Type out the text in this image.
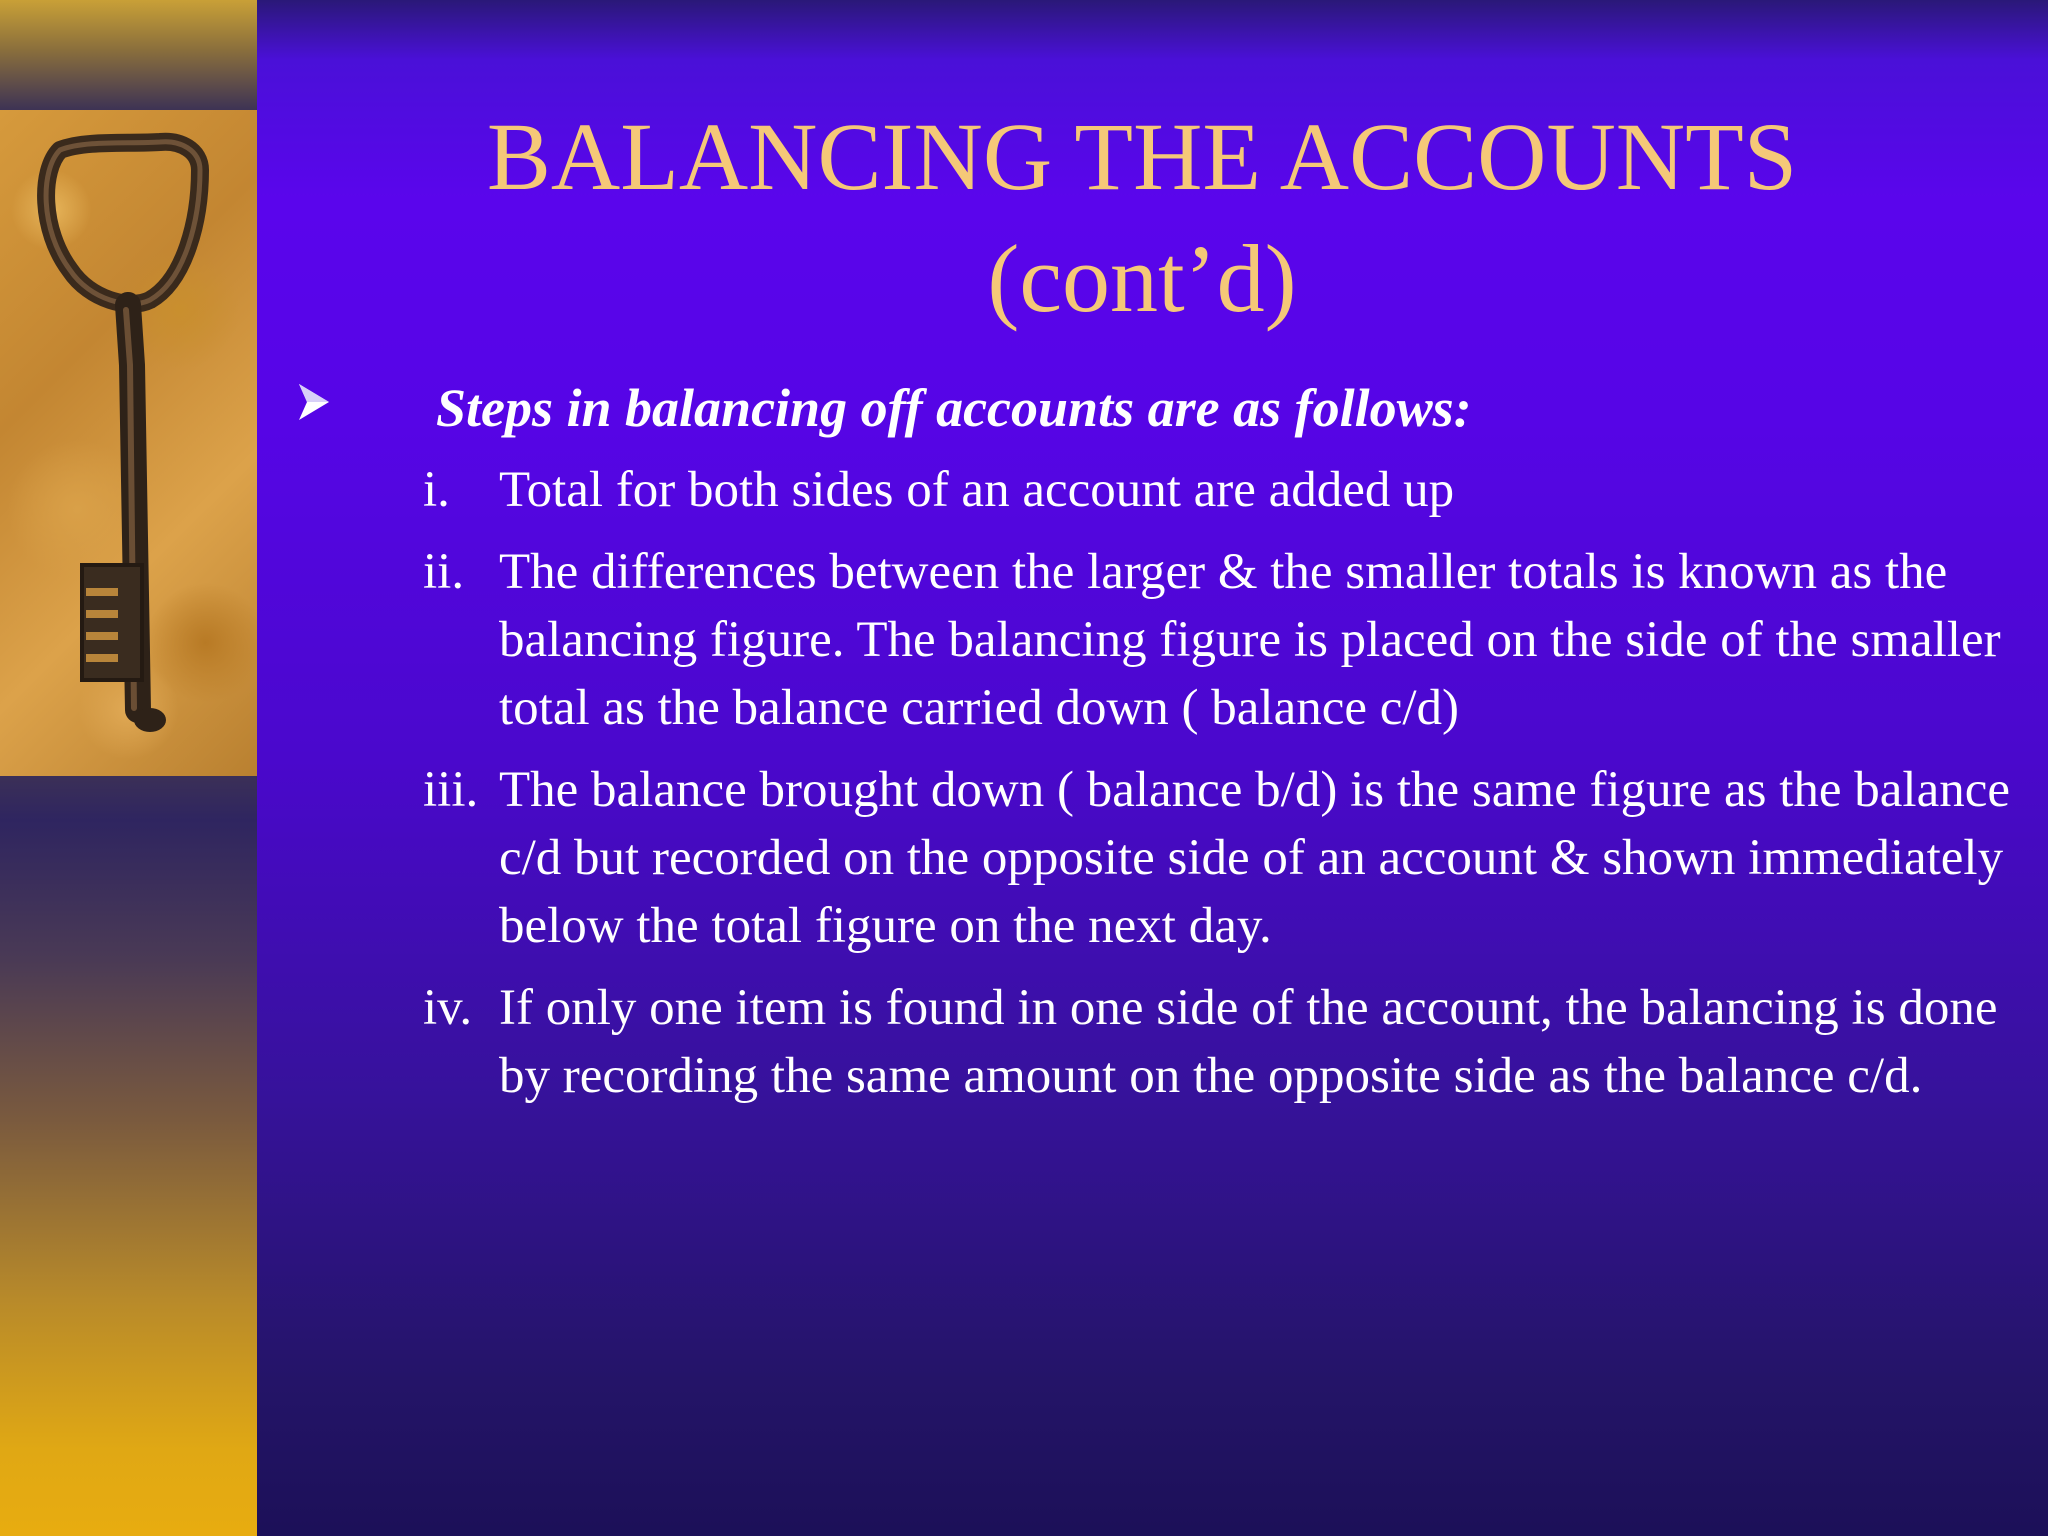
BALANCING THE ACCOUNTS
(cont’d)
Steps in balancing off accounts are as follows:
i. Total for both sides of an account are added up
ii. The differences between the larger & the smaller totals is known as the balancing figure. The balancing figure is placed on the side of the smaller total as the balance carried down ( balance c/d)
iii. The balance brought down ( balance b/d) is the same figure as the balance c/d but recorded on the opposite side of an account & shown immediately below the total figure on the next day.
iv. If only one item is found in one side of the account, the balancing is done by recording the same amount on the opposite side as the balance c/d.
